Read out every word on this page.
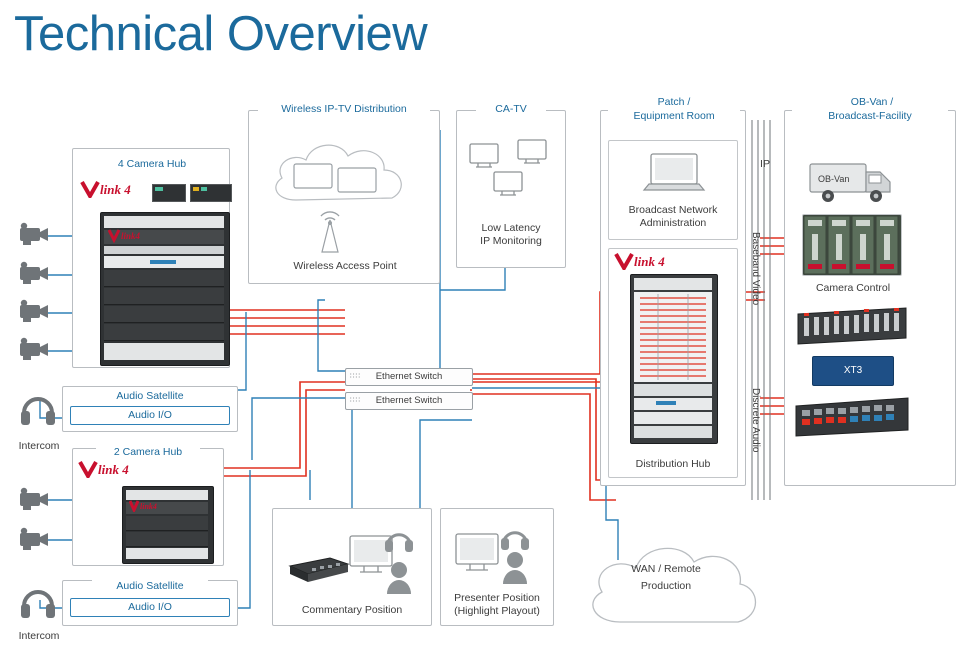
Technical Overview
Intercom
4 Camera Hub
link 4
link4
Audio Satellite
Audio I/O
2 Camera Hub
link 4
link4
Intercom
Audio Satellite
Audio I/O
Wireless IP-TV Distribution
Wireless Access Point
CA-TV
Low Latency
IP Monitoring
Patch /
Equipment Room
Broadcast Network
Administration
link 4
Distribution Hub
IP
Baseband Video
Discrete Audio
OB-Van /
Broadcast-Facility
OB-Van
Camera Control
XT3
∷∷ Ethernet Switch
∷∷ Ethernet Switch
Commentary Position
Presenter Position
(Highlight Playout)
WAN / Remote
Production
